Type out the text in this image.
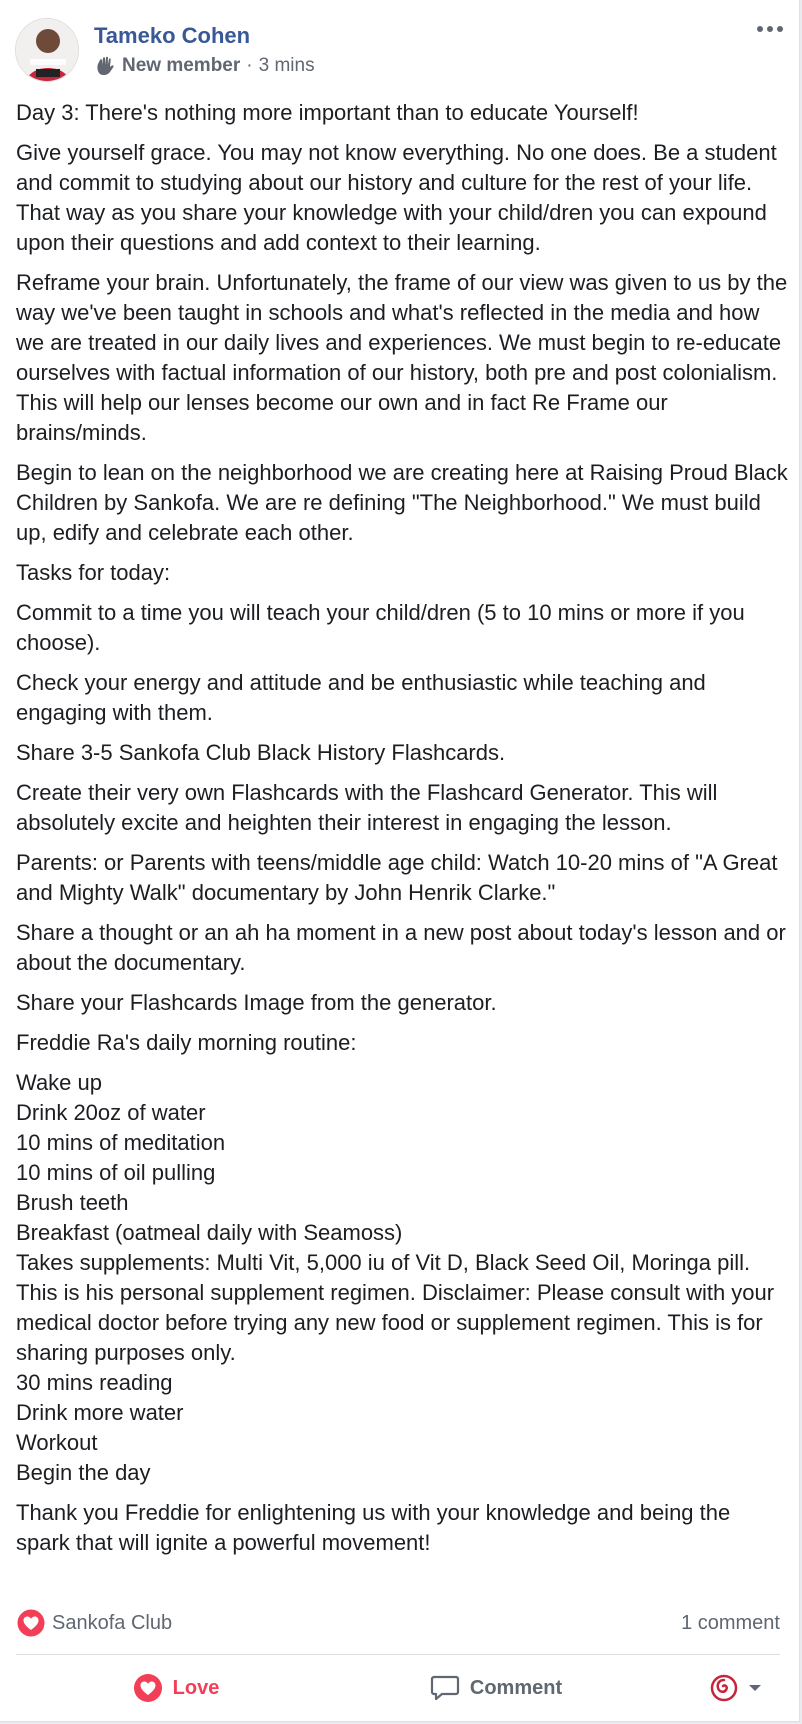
Tameko Cohen
New member · 3 mins

Day 3: There's nothing more important than to educate Yourself!

Give yourself grace. You may not know everything. No one does. Be a student and commit to studying about our history and culture for the rest of your life.
That way as you share your knowledge with your child/dren you can expound upon their questions and add context to their learning.

Reframe your brain. Unfortunately, the frame of our view was given to us by the way we've been taught in schools and what's reflected in the media and how we are treated in our daily lives and experiences. We must begin to re-educate ourselves with factual information of our history, both pre and post colonialism. This will help our lenses become our own and in fact Re Frame our brains/minds.

Begin to lean on the neighborhood we are creating here at Raising Proud Black Children by Sankofa. We are re defining "The Neighborhood." We must build up, edify and celebrate each other.

Tasks for today:

Commit to a time you will teach your child/dren (5 to 10 mins or more if you choose).

Check your energy and attitude and be enthusiastic while teaching and engaging with them.

Share 3-5 Sankofa Club Black History Flashcards.

Create their very own Flashcards with the Flashcard Generator. This will absolutely excite and heighten their interest in engaging the lesson.

Parents: or Parents with teens/middle age child: Watch 10-20 mins of "A Great and Mighty Walk" documentary by John Henrik Clarke."

Share a thought or an ah ha moment in a new post about today's lesson and or about the documentary.

Share your Flashcards Image from the generator.

Freddie Ra's daily morning routine:

Wake up
Drink 20oz of water
10 mins of meditation
10 mins of oil pulling
Brush teeth
Breakfast (oatmeal daily with Seamoss)
Takes supplements: Multi Vit, 5,000 iu of Vit D, Black Seed Oil, Moringa pill. This is his personal supplement regimen. Disclaimer: Please consult with your medical doctor before trying any new food or supplement regimen. This is for sharing purposes only.
30 mins reading
Drink more water
Workout
Begin the day

Thank you Freddie for enlightening us with your knowledge and being the spark that will ignite a powerful movement!

Sankofa Club	1 comment
Love	Comment
